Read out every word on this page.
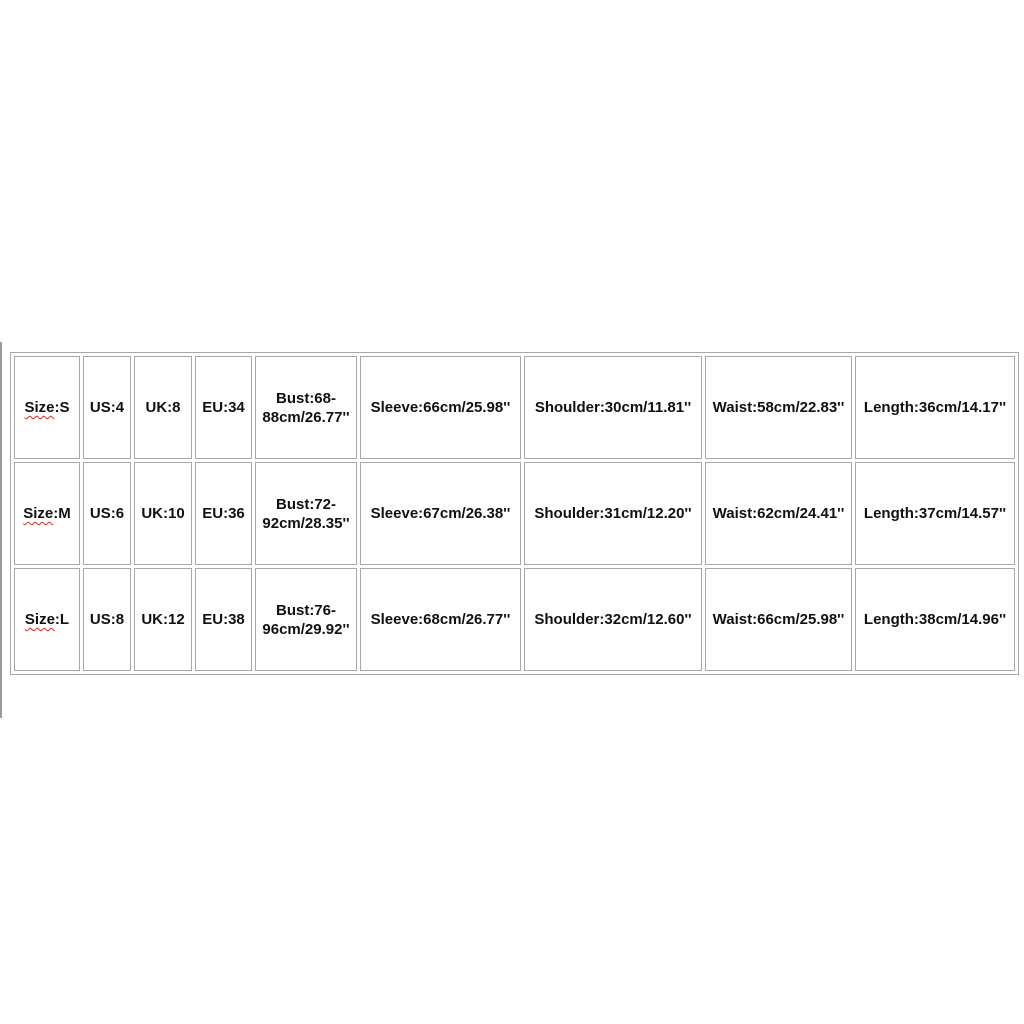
Size:S	US:4	UK:8	EU:34	Bust:68-88cm/26.77''	Sleeve:66cm/25.98''	Shoulder:30cm/11.81''	Waist:58cm/22.83''	Length:36cm/14.17''
Size:M	US:6	UK:10	EU:36	Bust:72-92cm/28.35''	Sleeve:67cm/26.38''	Shoulder:31cm/12.20''	Waist:62cm/24.41''	Length:37cm/14.57''
Size:L	US:8	UK:12	EU:38	Bust:76-96cm/29.92''	Sleeve:68cm/26.77''	Shoulder:32cm/12.60''	Waist:66cm/25.98''	Length:38cm/14.96''
